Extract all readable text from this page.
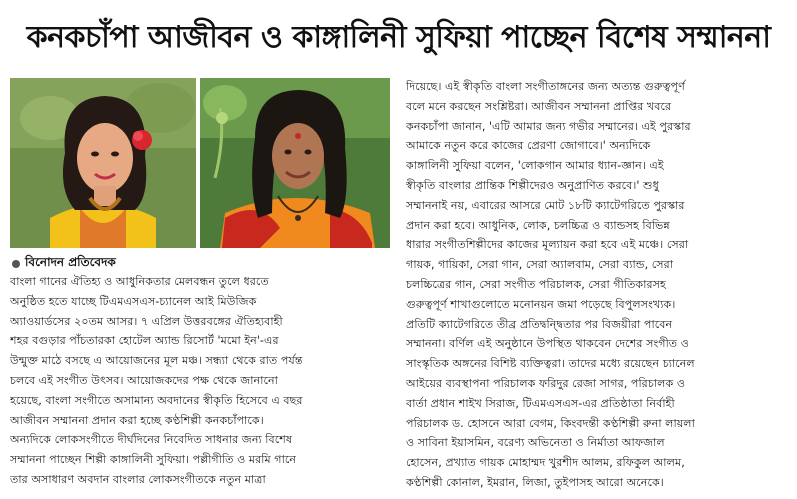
কনকচাঁপা আজীবন ও কাঙ্গালিনী সুফিয়া পাচ্ছেন বিশেষ সম্মাননা
বিনোদন প্রতিবেদক

বাংলা গানের ঐতিহ্য ও আধুনিকতার মেলবন্ধন তুলে ধরতে

অনুষ্ঠিত হতে যাচ্ছে টিএমএসএস-চ্যানেল আই মিউজিক

অ্যাওয়ার্ডসের ২০তম আসর। ৭ এপ্রিল উত্তরবঙ্গের ঐতিহ্যবাহী

শহর বগুড়ার পাঁচতারকা হোটেল অ্যান্ড রিসোর্ট 'মমো ইন'-এর

উন্মুক্ত মাঠে বসছে এ আয়োজনের মূল মঞ্চ। সন্ধ্যা থেকে রাত পর্যন্ত

চলবে এই সংগীত উৎসব। আয়োজকদের পক্ষ থেকে জানানো

হয়েছে, বাংলা সংগীতে অসামান্য অবদানের স্বীকৃতি হিসেবে এ বছর

আজীবন সম্মাননা প্রদান করা হচ্ছে কণ্ঠশিল্পী কনকচাঁপাকে।

অন্যদিকে লোকসংগীতে দীর্ঘদিনের নিবেদিত সাধনার জন্য বিশেষ

সম্মাননা পাচ্ছেন শিল্পী কাঙ্গালিনী সুফিয়া। পল্লীগীতি ও মরমি গানে

তার অসাধারণ অবদান বাংলার লোকসংগীতকে নতুন মাত্রা

দিয়েছে। এই স্বীকৃতি বাংলা সংগীতাঙ্গনের জন্য অত্যন্ত গুরুত্বপূর্ণ

বলে মনে করছেন সংশ্লিষ্টরা। আজীবন সম্মাননা প্রাপ্তির খবরে

কনকচাঁপা জানান, 'এটি আমার জন্য গভীর সম্মানের। এই পুরস্কার

আমাকে নতুন করে কাজের প্রেরণা জোগাবে।' অন্যদিকে

কাঙ্গালিনী সুফিয়া বলেন, 'লোকগান আমার ধ্যান-জ্ঞান। এই

স্বীকৃতি বাংলার প্রান্তিক শিল্পীদেরও অনুপ্রাণিত করবে।' শুধু

সম্মাননাই নয়, এবারের আসরে মোট ১৮টি ক্যাটেগরিতে পুরস্কার

প্রদান করা হবে। আধুনিক, লোক, চলচ্চিত্র ও ব্যান্ডসহ বিভিন্ন

ধারার সংগীতশিল্পীদের কাজের মূল্যায়ন করা হবে এই মঞ্চে। সেরা

গায়ক, গায়িকা, সেরা গান, সেরা অ্যালবাম, সেরা ব্যান্ড, সেরা

চলচ্চিত্রের গান, সেরা সংগীত পরিচালক, সেরা গীতিকারসহ

গুরুত্বপূর্ণ শাখাগুলোতে মনোনয়ন জমা পড়েছে বিপুলসংখ্যক।

প্রতিটি ক্যাটেগরিতে তীব্র প্রতিদ্বন্দ্বিতার পর বিজয়ীরা পাবেন

সম্মাননা। বর্ণিল এই অনুষ্ঠানে উপস্থিত থাকবেন দেশের সংগীত ও

সাংস্কৃতিক অঙ্গনের বিশিষ্ট ব্যক্তিত্বরা। তাদের মধ্যে রয়েছেন চ্যানেল

আইয়ের ব্যবস্থাপনা পরিচালক ফরিদুর রেজা সাগর, পরিচালক ও

বার্তা প্রধান শাইখ সিরাজ, টিএমএসএস-এর প্রতিষ্ঠাতা নির্বাহী

পরিচালক ড. হোসনে আরা বেগম, কিংবদন্তী কণ্ঠশিল্পী রুনা লায়লা

ও সাবিনা ইয়াসমিন, বরেণ্য অভিনেতা ও নির্মাতা আফজাল

হোসেন, প্রখ্যাত গায়ক মোহাম্মদ খুরশীদ আলম, রফিকুল আলম,

কণ্ঠশিল্পী কোনাল, ইমরান, লিজা, তুইপাসহ আরো অনেকে।
